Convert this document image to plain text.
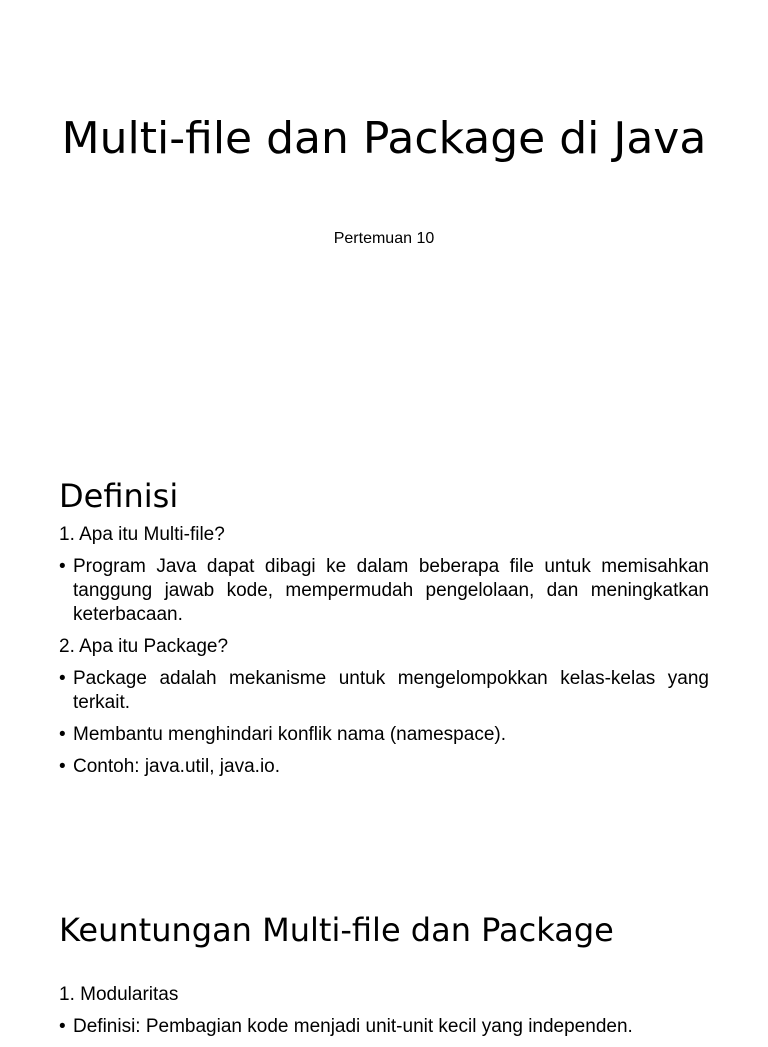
Multi-file dan Package di Java
Pertemuan 10
Definisi
1. Apa itu Multi-file?
• Program Java dapat dibagi ke dalam beberapa file untuk memisahkan tanggung jawab kode, mempermudah pengelolaan, dan meningkatkan keterbacaan.
2. Apa itu Package?
• Package adalah mekanisme untuk mengelompokkan kelas-kelas yang terkait.
• Membantu menghindari konflik nama (namespace).
• Contoh: java.util, java.io.
Keuntungan Multi-file dan Package
1. Modularitas
• Definisi: Pembagian kode menjadi unit-unit kecil yang independen.
